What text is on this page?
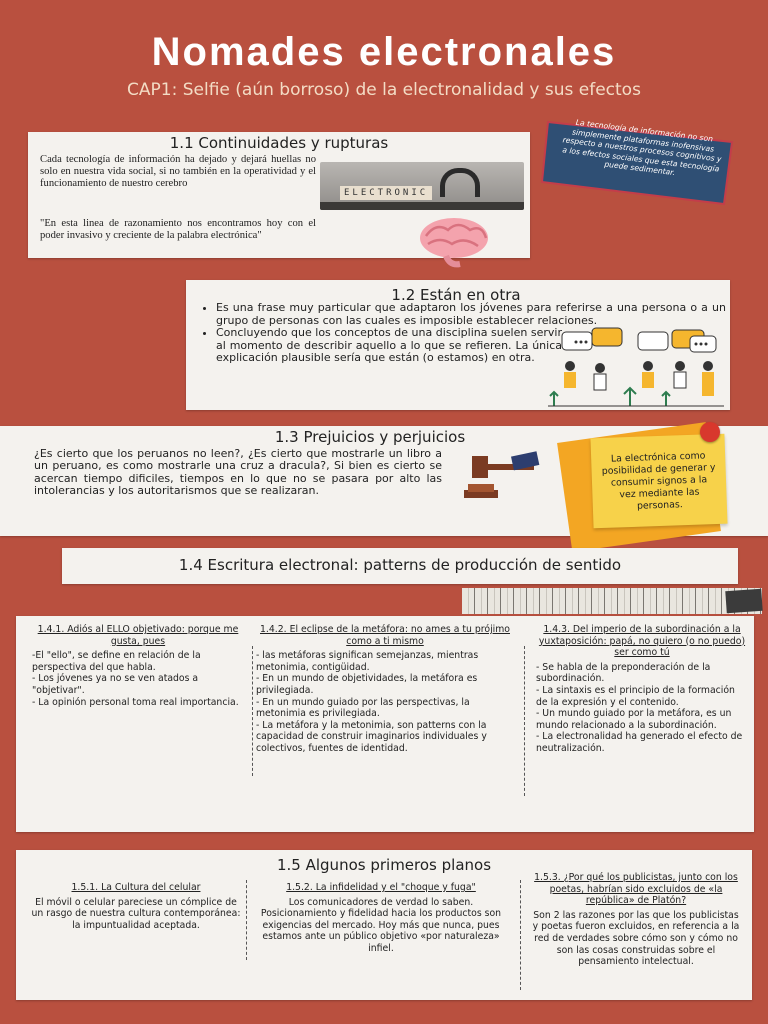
Nomades electronales
CAP1: Selfie (aún borroso) de la electronalidad y sus efectos
1.1 Continuidades y rupturas
Cada tecnología de información ha dejado y dejará huellas no solo en nuestra vida social, si no también en la operatividad y el funcionamiento de nuestro cerebro
"En esta linea de razonamiento nos encontramos hoy con el poder invasivo y creciente de la palabra electrónica"
ELECTRONIC
La tecnología de información no son simplemente plataformas inofensivas respecto a nuestros procesos cognitivos y a los efectos sociales que esta tecnología puede sedimentar.
1.2 Están en otra
• Es una frase muy particular que adaptaron los jóvenes para referirse a una persona o a un grupo de personas con las cuales es imposible establecer relaciones.
• Concluyendo que los conceptos de una disciplina suelen servir al momento de describir aquello a lo que se refieren. La única explicación plausible sería que están (o estamos) en otra.
1.3 Prejuicios y perjuicios
¿Es cierto que los peruanos no leen?, ¿Es cierto que mostrarle un libro a un peruano, es como mostrarle una cruz a dracula?, Si bien es cierto se acercan tiempo dificiles, tiempos en lo que no se pasara por alto las intolerancias y los autoritarismos que se realizaran.
La electrónica como posibilidad de generar y consumir signos a la vez mediante las personas.
1.4 Escritura electronal: patterns de producción de sentido
1.4.1. Adiós al ELLO objetivado: porque me gusta, pues
-El "ello", se define en relación de la perspectiva del que habla.
- Los jóvenes ya no se ven atados a "objetivar".
- La opinión personal toma real importancia.
1.4.2. El eclipse de la metáfora: no ames a tu prójimo como a ti mismo
- las metáforas significan semejanzas, mientras metonimia, contigüidad.
- En un mundo de objetividades, la metáfora es privilegiada.
- En un mundo guiado por las perspectivas, la metonimia es privilegiada.
- La metáfora y la metonimia, son patterns con la capacidad de construir imaginarios individuales y colectivos, fuentes de identidad.
1.4.3. Del imperio de la subordinación a la yuxtaposición: papá, no quiero (o no puedo) ser como tú
- Se habla de la preponderación de la subordinación.
- La sintaxis es el principio de la formación de la expresión y el contenido.
- Un mundo guiado por la metáfora, es un mundo relacionado a la subordinación.
- La electronalidad ha generado el efecto de neutralización.
1.5 Algunos primeros planos
1.5.1. La Cultura del celular
El móvil o celular pareciese un cómplice de un rasgo de nuestra cultura contemporánea: la impuntualidad aceptada.
1.5.2. La infidelidad y el "choque y fuga"
Los comunicadores de verdad lo saben. Posicionamiento y fidelidad hacia los productos son exigencias del mercado. Hoy más que nunca, pues estamos ante un público objetivo «por naturaleza» infiel.
1.5.3. ¿Por qué los publicistas, junto con los poetas, habrían sido excluidos de «la república» de Platón?
Son 2 las razones por las que los publicistas y poetas fueron excluidos, en referencia a la red de verdades sobre cómo son y cómo no son las cosas construidas sobre el pensamiento intelectual.
